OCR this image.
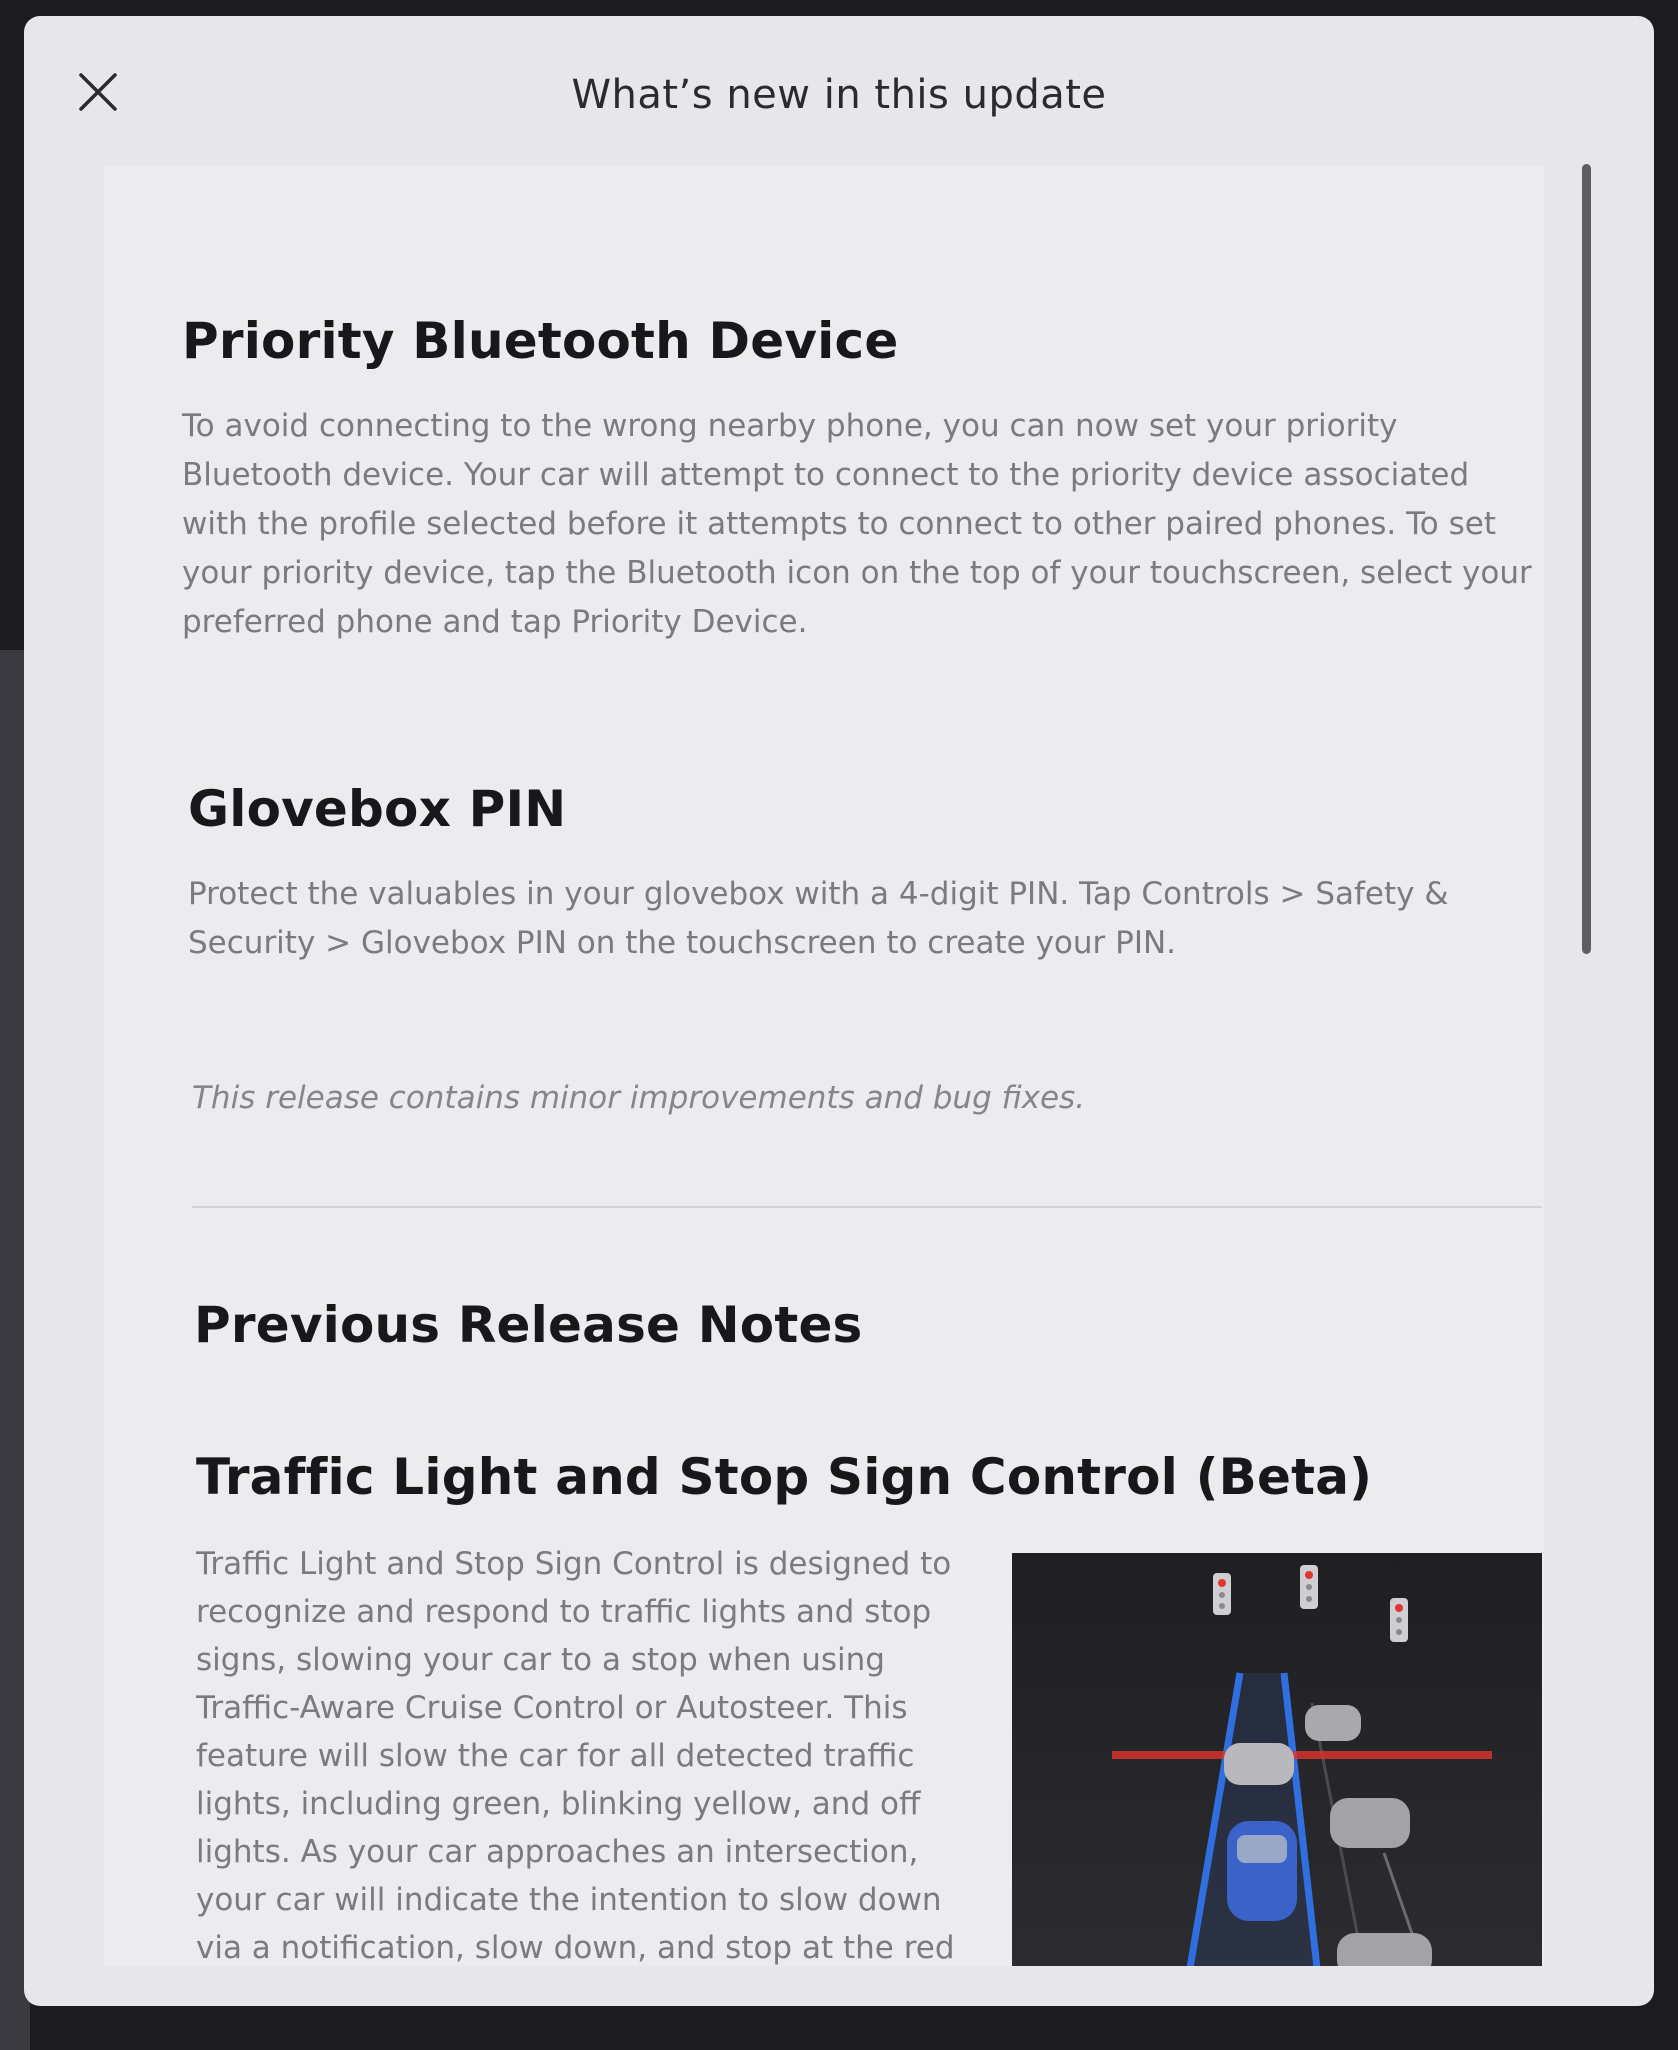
What’s new in this update
Priority Bluetooth Device

To avoid connecting to the wrong nearby phone, you can now set your priority Bluetooth device. Your car will attempt to connect to the priority device associated with the profile selected before it attempts to connect to other paired phones. To set your priority device, tap the Bluetooth icon on the top of your touchscreen, select your preferred phone and tap Priority Device.

Glovebox PIN

Protect the valuables in your glovebox with a 4-digit PIN. Tap Controls > Safety & Security > Glovebox PIN on the touchscreen to create your PIN.

This release contains minor improvements and bug fixes.

Previous Release Notes
Traffic Light and Stop Sign Control (Beta)

Traffic Light and Stop Sign Control is designed to recognize and respond to traffic lights and stop signs, slowing your car to a stop when using Traffic-Aware Cruise Control or Autosteer. This feature will slow the car for all detected traffic lights, including green, blinking yellow, and off lights. As your car approaches an intersection, your car will indicate the intention to slow down via a notification, slow down, and stop at the red
